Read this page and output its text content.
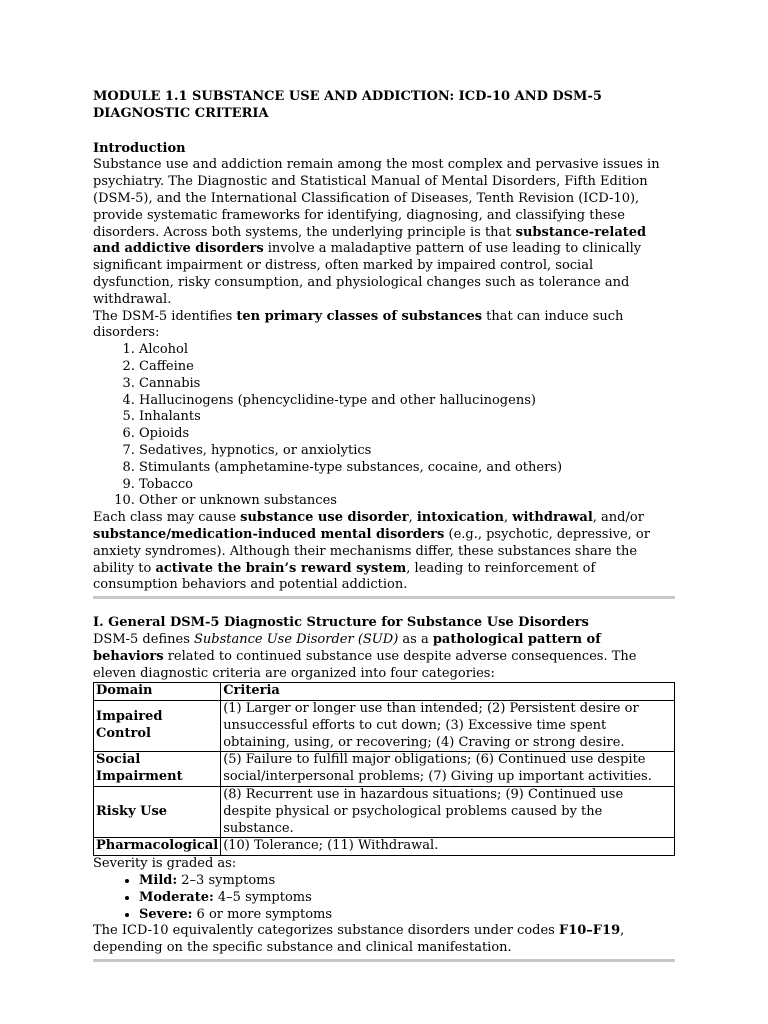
MODULE 1.1 SUBSTANCE USE AND ADDICTION: ICD-10 AND DSM-5
DIAGNOSTIC CRITERIA

Introduction

Substance use and addiction remain among the most complex and pervasive issues in psychiatry. The Diagnostic and Statistical Manual of Mental Disorders, Fifth Edition (DSM-5), and the International Classification of Diseases, Tenth Revision (ICD-10), provide systematic frameworks for identifying, diagnosing, and classifying these disorders. Across both systems, the underlying principle is that substance-related and addictive disorders involve a maladaptive pattern of use leading to clinically significant impairment or distress, often marked by impaired control, social dysfunction, risky consumption, and physiological changes such as tolerance and withdrawal.

The DSM-5 identifies ten primary classes of substances that can induce such disorders:

1. Alcohol
2. Caffeine
3. Cannabis
4. Hallucinogens (phencyclidine-type and other hallucinogens)
5. Inhalants
6. Opioids
7. Sedatives, hypnotics, or anxiolytics
8. Stimulants (amphetamine-type substances, cocaine, and others)
9. Tobacco
10. Other or unknown substances

Each class may cause substance use disorder, intoxication, withdrawal, and/or substance/medication-induced mental disorders (e.g., psychotic, depressive, or anxiety syndromes). Although their mechanisms differ, these substances share the ability to activate the brain’s reward system, leading to reinforcement of consumption behaviors and potential addiction.

I. General DSM-5 Diagnostic Structure for Substance Use Disorders

DSM-5 defines Substance Use Disorder (SUD) as a pathological pattern of behaviors related to continued substance use despite adverse consequences. The eleven diagnostic criteria are organized into four categories:

Domain	Criteria
Impaired Control	(1) Larger or longer use than intended; (2) Persistent desire or unsuccessful efforts to cut down; (3) Excessive time spent obtaining, using, or recovering; (4) Craving or strong desire.
Social Impairment	(5) Failure to fulfill major obligations; (6) Continued use despite social/interpersonal problems; (7) Giving up important activities.
Risky Use	(8) Recurrent use in hazardous situations; (9) Continued use despite physical or psychological problems caused by the substance.
Pharmacological	(10) Tolerance; (11) Withdrawal.

Severity is graded as:

• Mild: 2–3 symptoms
• Moderate: 4–5 symptoms
• Severe: 6 or more symptoms

The ICD-10 equivalently categorizes substance disorders under codes F10–F19, depending on the specific substance and clinical manifestation.
